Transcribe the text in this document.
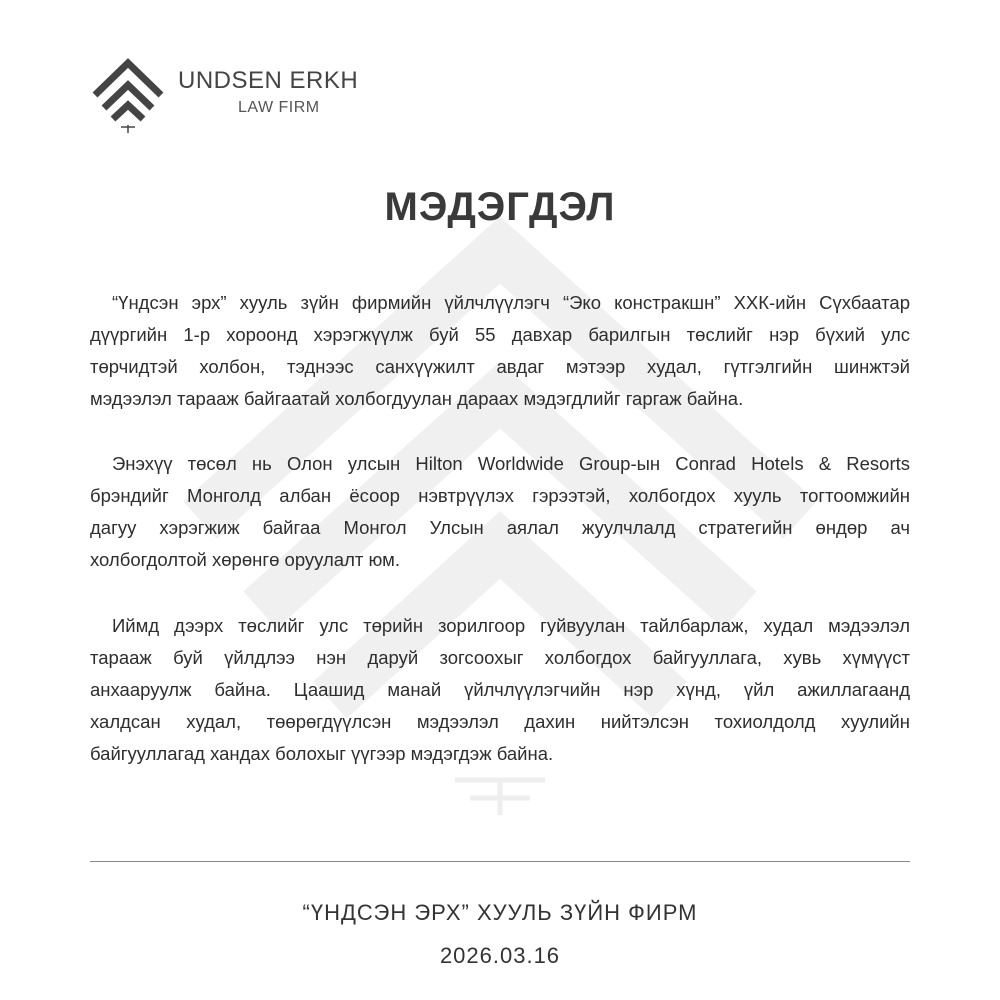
UNDSEN ERKH
LAW FIRM
МЭДЭГДЭЛ
“Үндсэн эрх” хууль зүйн фирмийн үйлчлүүлэгч “Эко констракшн” ХХК-ийн Сүхбаатар
дүүргийн 1-р хороонд хэрэгжүүлж буй 55 давхар барилгын төслийг нэр бүхий улс
төрчидтэй холбон, тэднээс санхүүжилт авдаг мэтээр худал, гүтгэлгийн шинжтэй
мэдээлэл тарааж байгаатай холбогдуулан дараах мэдэгдлийг гаргаж байна.
Энэхүү төсөл нь Олон улсын Hilton Worldwide Group-ын Conrad Hotels & Resorts
брэндийг Монголд албан ёсоор нэвтрүүлэх гэрээтэй, холбогдох хууль тогтоомжийн
дагуу хэрэгжиж байгаа Монгол Улсын аялал жуулчлалд стратегийн өндөр ач
холбогдолтой хөрөнгө оруулалт юм.
Иймд дээрх төслийг улс төрийн зорилгоор гуйвуулан тайлбарлаж, худал мэдээлэл
тарааж буй үйлдлээ нэн даруй зогсоохыг холбогдох байгууллага, хувь хүмүүст
анхааруулж байна. Цаашид манай үйлчлүүлэгчийн нэр хүнд, үйл ажиллагаанд
халдсан худал, төөрөгдүүлсэн мэдээлэл дахин нийтэлсэн тохиолдолд хуулийн
байгууллагад хандах болохыг үүгээр мэдэгдэж байна.
“ҮНДСЭН ЭРХ” ХУУЛЬ ЗҮЙН ФИРМ
2026.03.16
